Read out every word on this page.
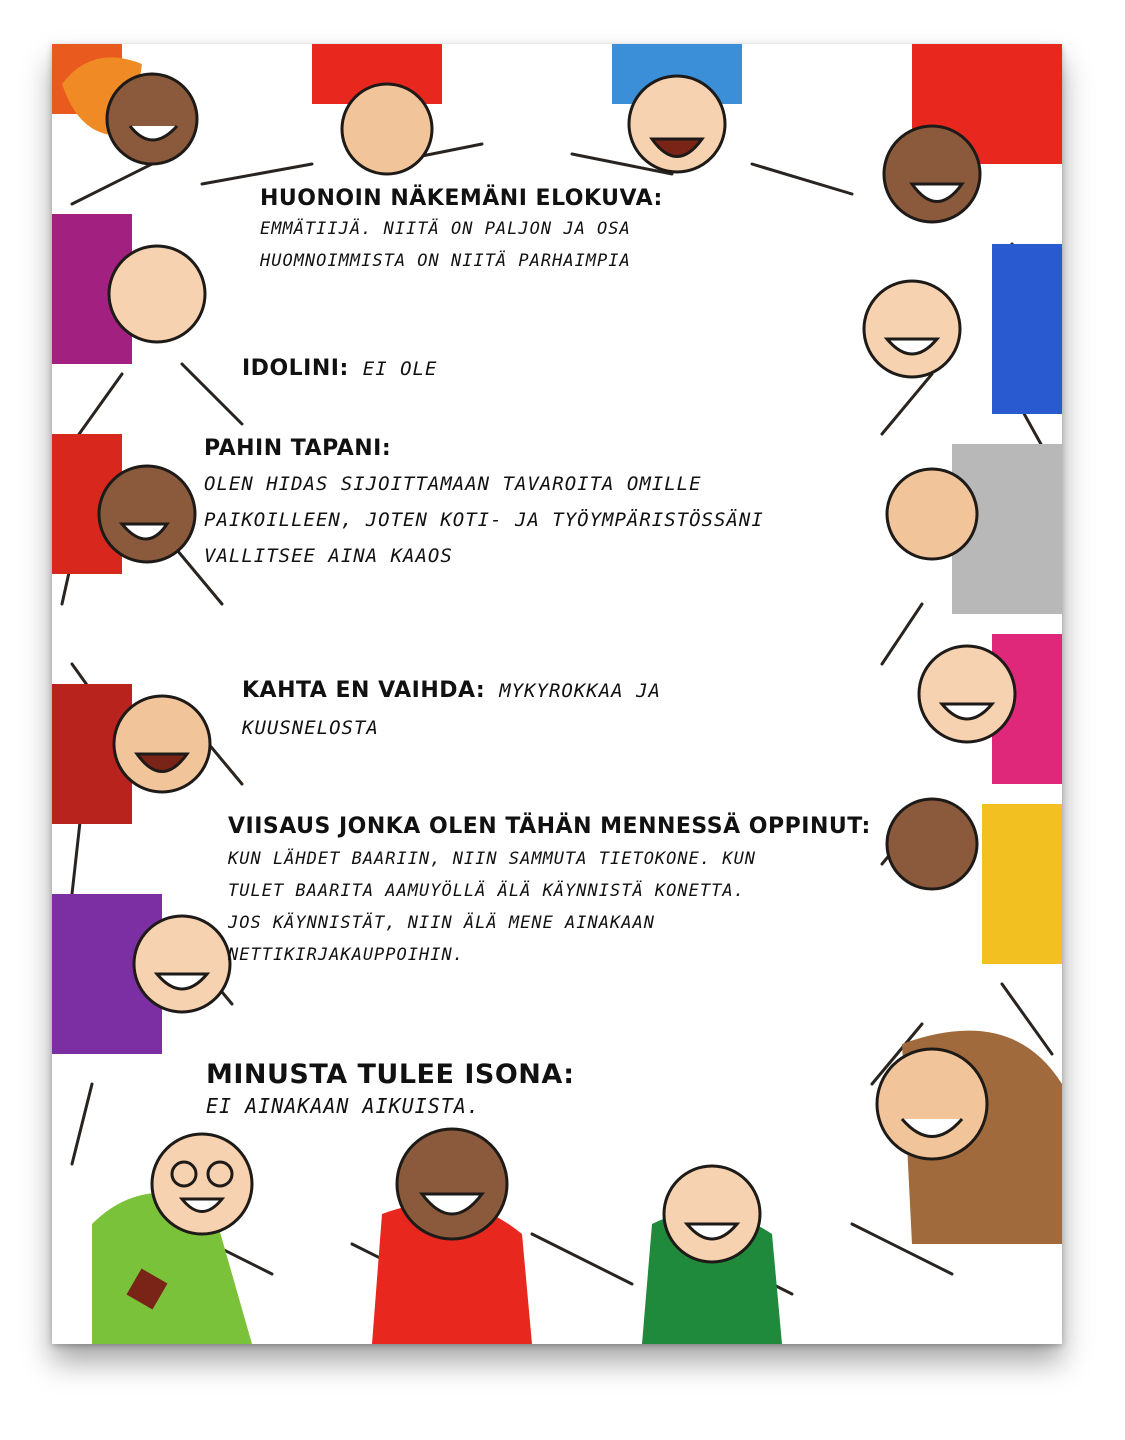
HUONOIN NÄKEMÄNI ELOKUVA:
EMMÄTIIJÄ. NIITÄ ON PALJON JA OSA
HUOMNOIMMISTA ON NIITÄ PARHAIMPIA
IDOLINI: EI OLE
PAHIN TAPANI:
OLEN HIDAS SIJOITTAMAAN TAVAROITA OMILLE
PAIKOILLEEN, JOTEN KOTI- JA TYÖYMPÄRISTÖSSÄNI
VALLITSEE AINA KAAOS
KAHTA EN VAIHDA: MYKYROKKAA JA
KUUSNELOSTA
VIISAUS JONKA OLEN TÄHÄN MENNESSÄ OPPINUT:
KUN LÄHDET BAARIIN, NIIN SAMMUTA TIETOKONE. KUN
TULET BAARITA AAMUYÖLLÄ ÄLÄ KÄYNNISTÄ KONETTA.
JOS KÄYNNISTÄT, NIIN ÄLÄ MENE AINAKAAN
NETTIKIRJAKAUPPOIHIN.
MINUSTA TULEE ISONA:
EI AINAKAAN AIKUISTA.
